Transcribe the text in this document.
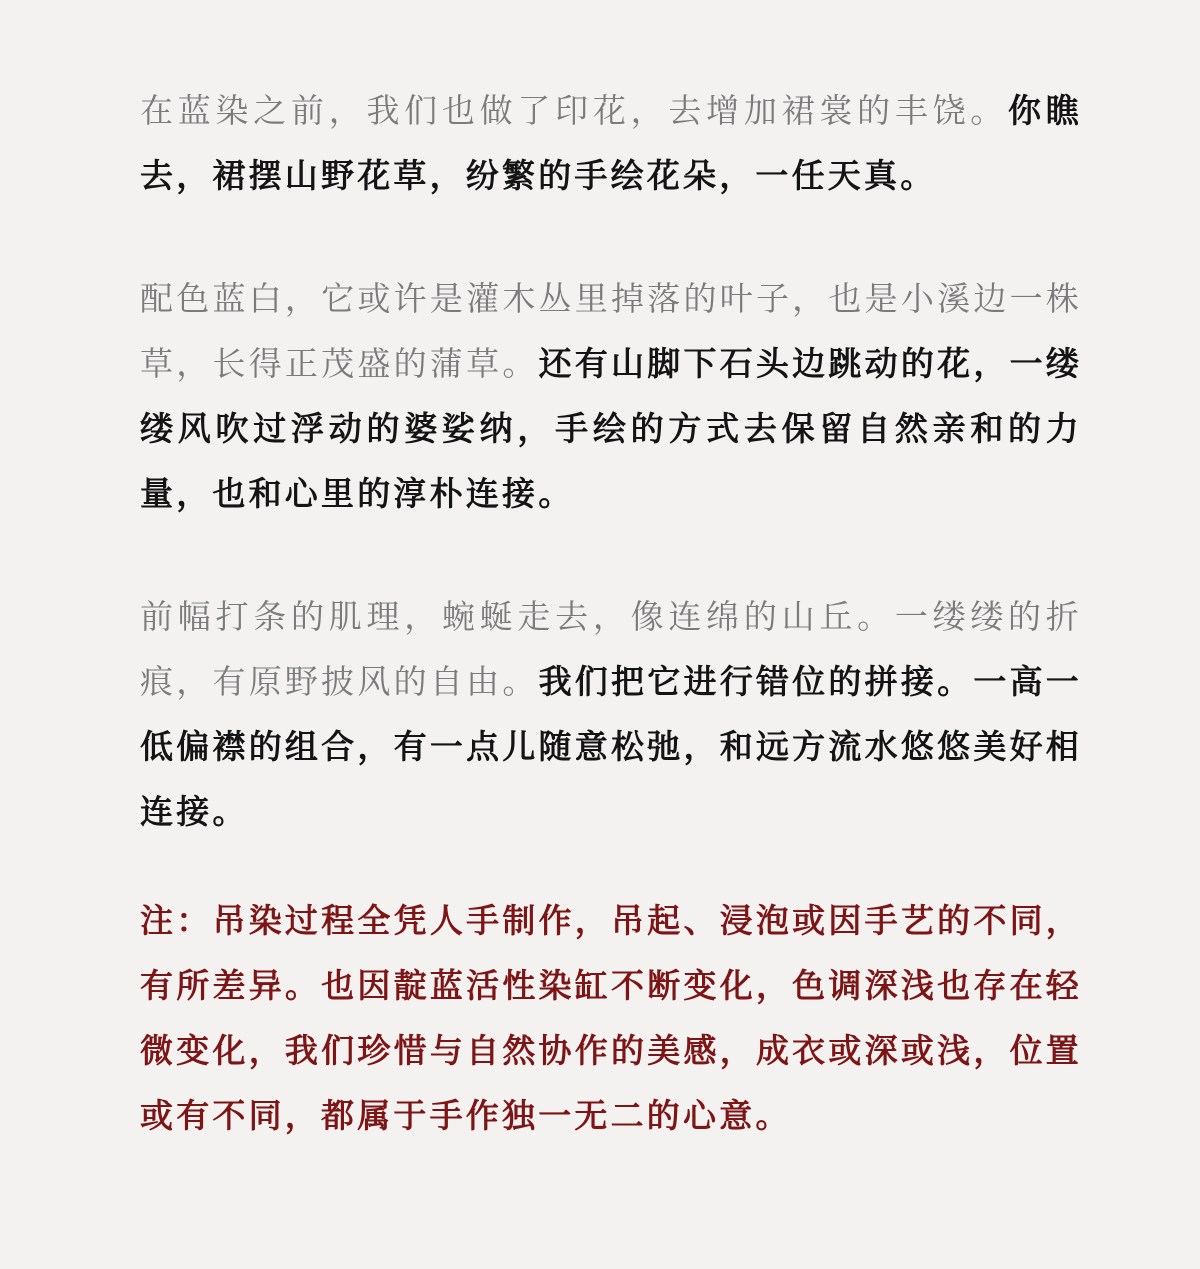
在蓝染之前，我们也做了印花，去增加裙裳的丰饶。你瞧去，裙摆山野花草，纷繁的手绘花朵，一任天真。

配色蓝白，它或许是灌木丛里掉落的叶子，也是小溪边一株草，长得正茂盛的蒲草。还有山脚下石头边跳动的花，一缕缕风吹过浮动的婆娑纳，手绘的方式去保留自然亲和的力量，也和心里的淳朴连接。

前幅打条的肌理，蜿蜒走去，像连绵的山丘。一缕缕的折痕，有原野披风的自由。我们把它进行错位的拼接。一高一低偏襟的组合，有一点儿随意松弛，和远方流水悠悠美好相连接。

注：吊染过程全凭人手制作，吊起、浸泡或因手艺的不同，有所差异。也因靛蓝活性染缸不断变化，色调深浅也存在轻微变化，我们珍惜与自然协作的美感，成衣或深或浅，位置或有不同，都属于手作独一无二的心意。
